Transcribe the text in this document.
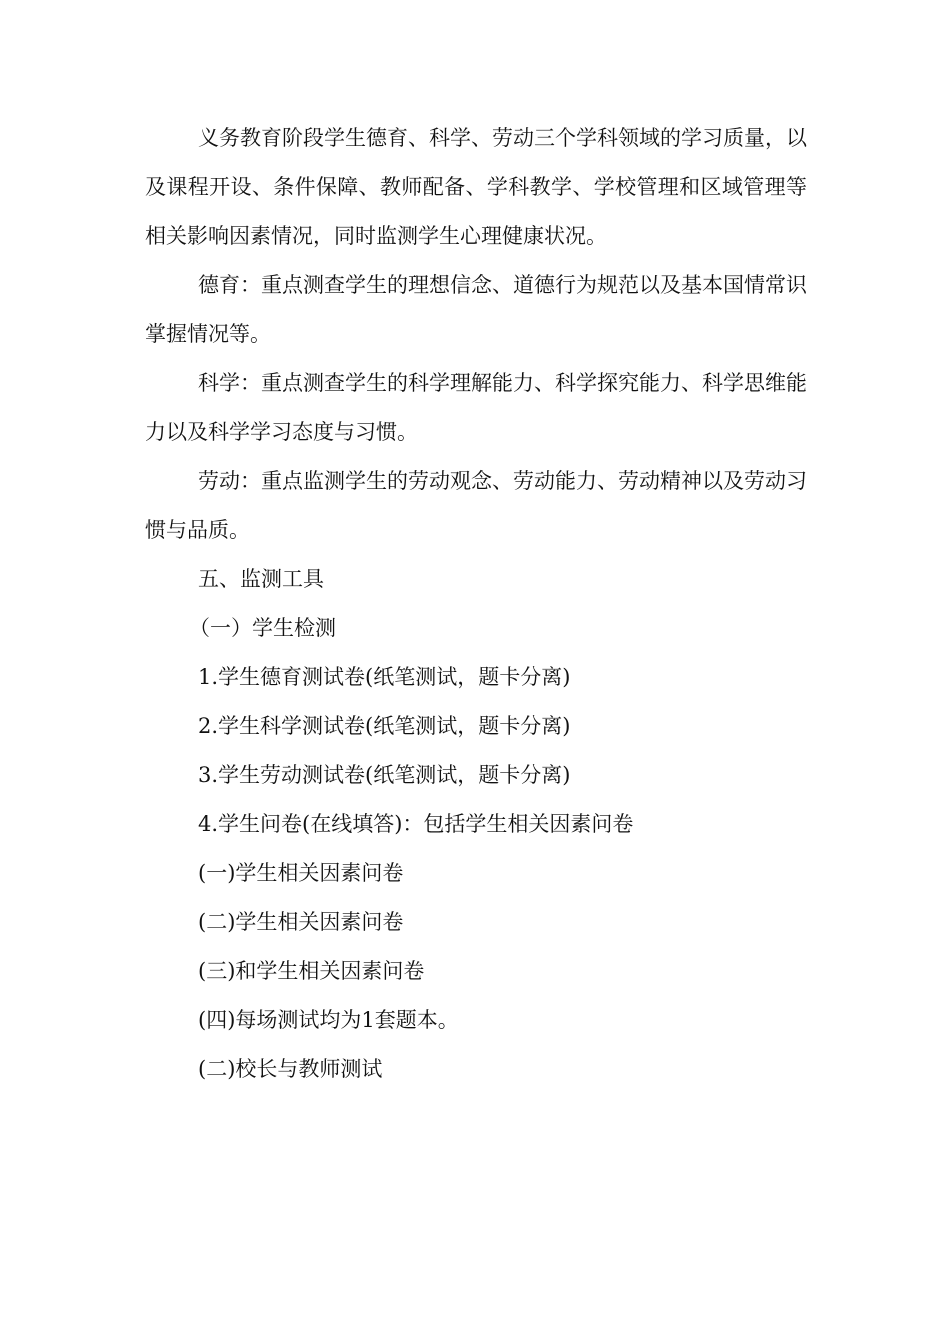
义务教育阶段学生德育、科学、劳动三个学科领域的学习质量，以及课程开设、条件保障、教师配备、学科教学、学校管理和区域管理等相关影响因素情况，同时监测学生心理健康状况。

德育：重点测查学生的理想信念、道德行为规范以及基本国情常识掌握情况等。

科学：重点测查学生的科学理解能力、科学探究能力、科学思维能力以及科学学习态度与习惯。

劳动：重点监测学生的劳动观念、劳动能力、劳动精神以及劳动习惯与品质。

五、监测工具

（一）学生检测

1.学生德育测试卷(纸笔测试，题卡分离)

2.学生科学测试卷(纸笔测试，题卡分离)

3.学生劳动测试卷(纸笔测试，题卡分离)

4.学生问卷(在线填答)：包括学生相关因素问卷

(一)学生相关因素问卷

(二)学生相关因素问卷

(三)和学生相关因素问卷

(四)每场测试均为1套题本。

(二)校长与教师测试
